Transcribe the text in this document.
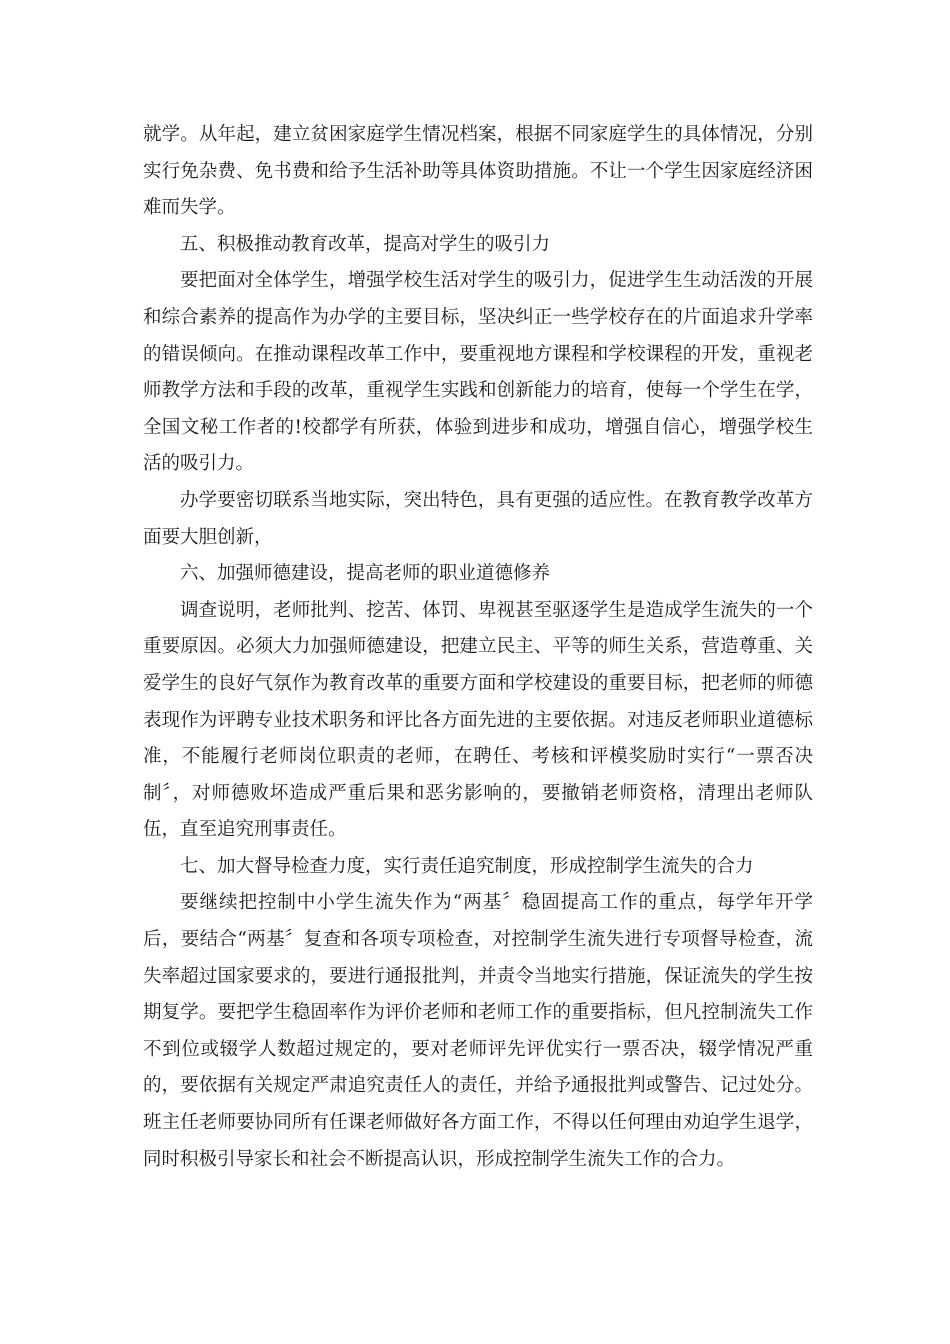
就学。从年起，建立贫困家庭学生情况档案，根据不同家庭学生的具体情况，分别实行免杂费、免书费和给予生活补助等具体资助措施。不让一个学生因家庭经济困难而失学。

五、积极推动教育改革，提高对学生的吸引力

要把面对全体学生，增强学校生活对学生的吸引力，促进学生生动活泼的开展和综合素养的提高作为办学的主要目标，坚决纠正一些学校存在的片面追求升学率的错误倾向。在推动课程改革工作中，要重视地方课程和学校课程的开发，重视老师教学方法和手段的改革，重视学生实践和创新能力的培育，使每一个学生在学，全国文秘工作者的!校都学有所获，体验到进步和成功，增强自信心，增强学校生活的吸引力。

办学要密切联系当地实际，突出特色，具有更强的适应性。在教育教学改革方面要大胆创新，

六、加强师德建设，提高老师的职业道德修养

调查说明，老师批判、挖苦、体罚、卑视甚至驱逐学生是造成学生流失的一个重要原因。必须大力加强师德建设，把建立民主、平等的师生关系，营造尊重、关爱学生的良好气氛作为教育改革的重要方面和学校建设的重要目标，把老师的师德表现作为评聘专业技术职务和评比各方面先进的主要依据。对违反老师职业道德标准，不能履行老师岗位职责的老师，在聘任、考核和评模奖励时实行“一票否决制〞，对师德败坏造成严重后果和恶劣影响的，要撤销老师资格，清理出老师队伍，直至追究刑事责任。

七、加大督导检查力度，实行责任追究制度，形成控制学生流失的合力

要继续把控制中小学生流失作为“两基〞稳固提高工作的重点，每学年开学后，要结合“两基〞复查和各项专项检查，对控制学生流失进行专项督导检查，流失率超过国家要求的，要进行通报批判，并责令当地实行措施，保证流失的学生按期复学。要把学生稳固率作为评价老师和老师工作的重要指标，但凡控制流失工作不到位或辍学人数超过规定的，要对老师评先评优实行一票否决，辍学情况严重的，要依据有关规定严肃追究责任人的责任，并给予通报批判或警告、记过处分。班主任老师要协同所有任课老师做好各方面工作，不得以任何理由劝迫学生退学，同时积极引导家长和社会不断提高认识，形成控制学生流失工作的合力。
